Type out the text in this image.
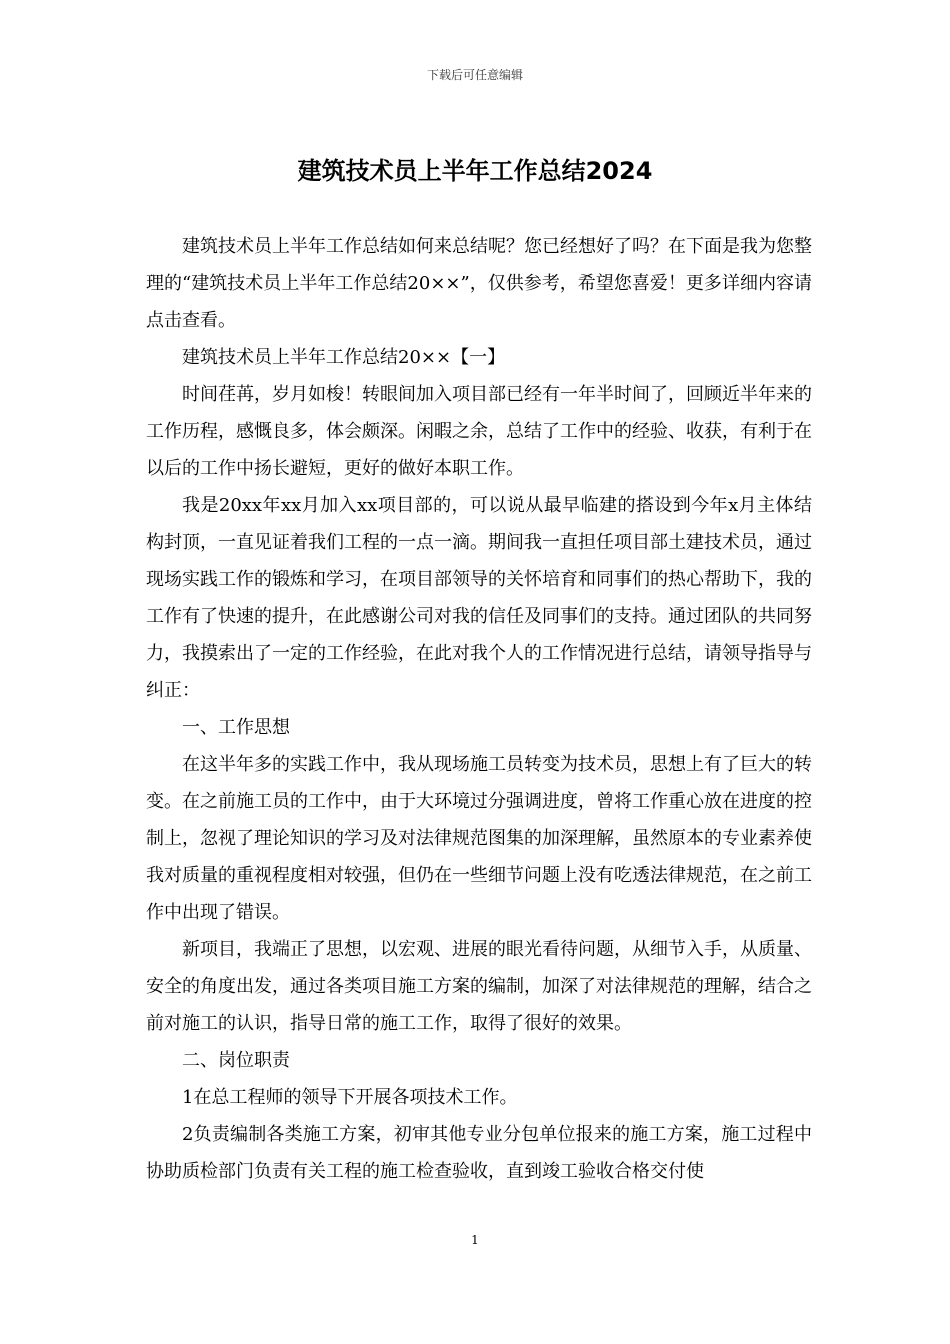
下载后可任意编辑
建筑技术员上半年工作总结2024

建筑技术员上半年工作总结如何来总结呢？您已经想好了吗？在下面是我为您整理的“建筑技术员上半年工作总结20××”，仅供参考，希望您喜爱！更多详细内容请点击查看。

建筑技术员上半年工作总结20××【一】

时间荏苒，岁月如梭！转眼间加入项目部已经有一年半时间了，回顾近半年来的工作历程，感慨良多，体会颇深。闲暇之余，总结了工作中的经验、收获，有利于在以后的工作中扬长避短，更好的做好本职工作。

我是20xx年xx月加入xx项目部的，可以说从最早临建的搭设到今年x月主体结构封顶，一直见证着我们工程的一点一滴。期间我一直担任项目部土建技术员，通过现场实践工作的锻炼和学习，在项目部领导的关怀培育和同事们的热心帮助下，我的工作有了快速的提升，在此感谢公司对我的信任及同事们的支持。通过团队的共同努力，我摸索出了一定的工作经验，在此对我个人的工作情况进行总结，请领导指导与纠正：

一、工作思想

在这半年多的实践工作中，我从现场施工员转变为技术员，思想上有了巨大的转变。在之前施工员的工作中，由于大环境过分强调进度，曾将工作重心放在进度的控制上，忽视了理论知识的学习及对法律规范图集的加深理解，虽然原本的专业素养使我对质量的重视程度相对较强，但仍在一些细节问题上没有吃透法律规范，在之前工作中出现了错误。

新项目，我端正了思想，以宏观、进展的眼光看待问题，从细节入手，从质量、安全的角度出发，通过各类项目施工方案的编制，加深了对法律规范的理解，结合之前对施工的认识，指导日常的施工工作，取得了很好的效果。

二、岗位职责

1在总工程师的领导下开展各项技术工作。

2负责编制各类施工方案，初审其他专业分包单位报来的施工方案，施工过程中协助质检部门负责有关工程的施工检查验收，直到竣工验收合格交付使

1
